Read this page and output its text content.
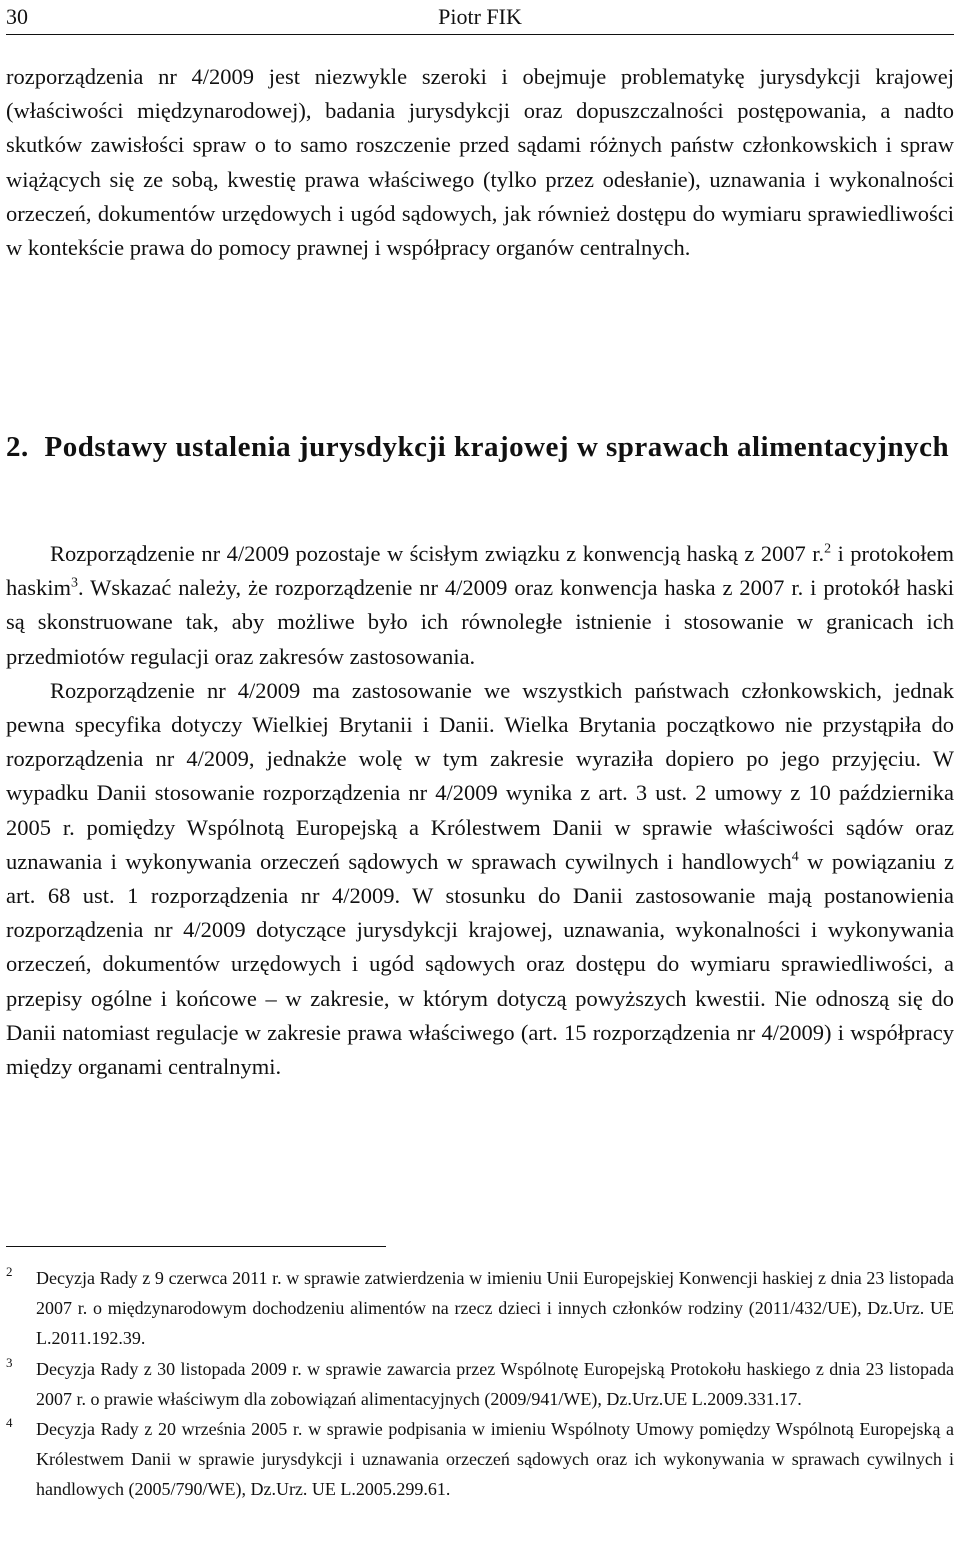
30	Piotr FIK
rozporządzenia nr 4/2009 jest niezwykle szeroki i obejmuje problematykę jurysdykcji krajowej (właściwości międzynarodowej), badania jurysdykcji oraz dopuszczalności postępowania, a nadto skutków zawisłości spraw o to samo roszczenie przed sądami różnych państw członkowskich i spraw wiążących się ze sobą, kwestię prawa właściwego (tylko przez odesłanie), uznawania i wykonalności orzeczeń, dokumentów urzędowych i ugód sądowych, jak również dostępu do wymiaru sprawiedliwości w kontekście prawa do pomocy prawnej i współpracy organów centralnych.
2. Podstawy ustalenia jurysdykcji krajowej w sprawach alimentacyjnych

Rozporządzenie nr 4/2009 pozostaje w ścisłym związku z konwencją haską z 2007 r.$^2$ i protokołem haskim$^3$. Wskazać należy, że rozporządzenie nr 4/2009 oraz konwencja haska z 2007 r. i protokół haski są skonstruowane tak, aby możliwe było ich równoległe istnienie i stosowanie w granicach ich przedmiotów regulacji oraz zakresów zastosowania.

Rozporządzenie nr 4/2009 ma zastosowanie we wszystkich państwach członkowskich, jednak pewna specyfika dotyczy Wielkiej Brytanii i Danii. Wielka Brytania początkowo nie przystąpiła do rozporządzenia nr 4/2009, jednakże wolę w tym zakresie wyraziła dopiero po jego przyjęciu. W wypadku Danii stosowanie rozporządzenia nr 4/2009 wynika z art. 3 ust. 2 umowy z 10 października 2005 r. pomiędzy Wspólnotą Europejską a Królestwem Danii w sprawie właściwości sądów oraz uznawania i wykonywania orzeczeń sądowych w sprawach cywilnych i handlowych$^4$ w powiązaniu z art. 68 ust. 1 rozporządzenia nr 4/2009. W stosunku do Danii zastosowanie mają postanowienia rozporządzenia nr 4/2009 dotyczące jurysdykcji krajowej, uznawania, wykonalności i wykonywania orzeczeń, dokumentów urzędowych i ugód sądowych oraz dostępu do wymiaru sprawiedliwości, a przepisy ogólne i końcowe – w zakresie, w którym dotyczą powyższych kwestii. Nie odnoszą się do Danii natomiast regulacje w zakresie prawa właściwego (art. 15 rozporządzenia nr 4/2009) i współpracy między organami centralnymi.

2 Decyzja Rady z 9 czerwca 2011 r. w sprawie zatwierdzenia w imieniu Unii Europejskiej Konwencji haskiej z dnia 23 listopada 2007 r. o międzynarodowym dochodzeniu alimentów na rzecz dzieci i innych członków rodziny (2011/432/UE), Dz.Urz. UE L.2011.192.39.

3 Decyzja Rady z 30 listopada 2009 r. w sprawie zawarcia przez Wspólnotę Europejską Protokołu haskiego z dnia 23 listopada 2007 r. o prawie właściwym dla zobowiązań alimentacyjnych (2009/941/WE), Dz.Urz.UE L.2009.331.17.

4 Decyzja Rady z 20 września 2005 r. w sprawie podpisania w imieniu Wspólnoty Umowy pomiędzy Wspólnotą Europejską a Królestwem Danii w sprawie jurysdykcji i uznawania orzeczeń sądowych oraz ich wykonywania w sprawach cywilnych i handlowych (2005/790/WE), Dz.Urz. UE L.2005.299.61.
